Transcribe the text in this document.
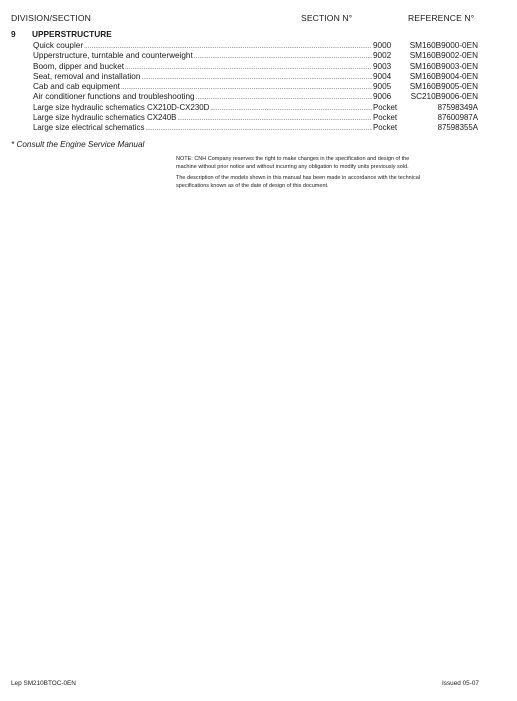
DIVISION/SECTION	SECTION N°	REFERENCE N°
9 UPPERSTRUCTURE
Quick coupler .....	9000	SM160B9000-0EN
Upperstructure, turntable and counterweight .....	9002	SM160B9002-0EN
Boom, dipper and bucket .....	9003	SM160B9003-0EN
Seat, removal and installation .....	9004	SM160B9004-0EN
Cab and cab equipment .....	9005	SM160B9005-0EN
Air conditioner functions and troubleshooting .....	9006	SC210B9006-0EN
Large size hydraulic schematics CX210D-CX230D .....	Pocket	87598349A
Large size hydraulic schematics CX240B .....	Pocket	87600987A
Large size electrical schematics .....	Pocket	87598355A
* Consult the Engine Service Manual

NOTE: CNH Company reserves the right to make changes in the specification and design of the machine without prior notice and without incurring any obligation to modify units previously sold.

The description of the models shown in this manual has been made in accordance with the technical specifications known as of the date of design of this document.

Lep SM210BTOC-0EN	Issued 05-07
